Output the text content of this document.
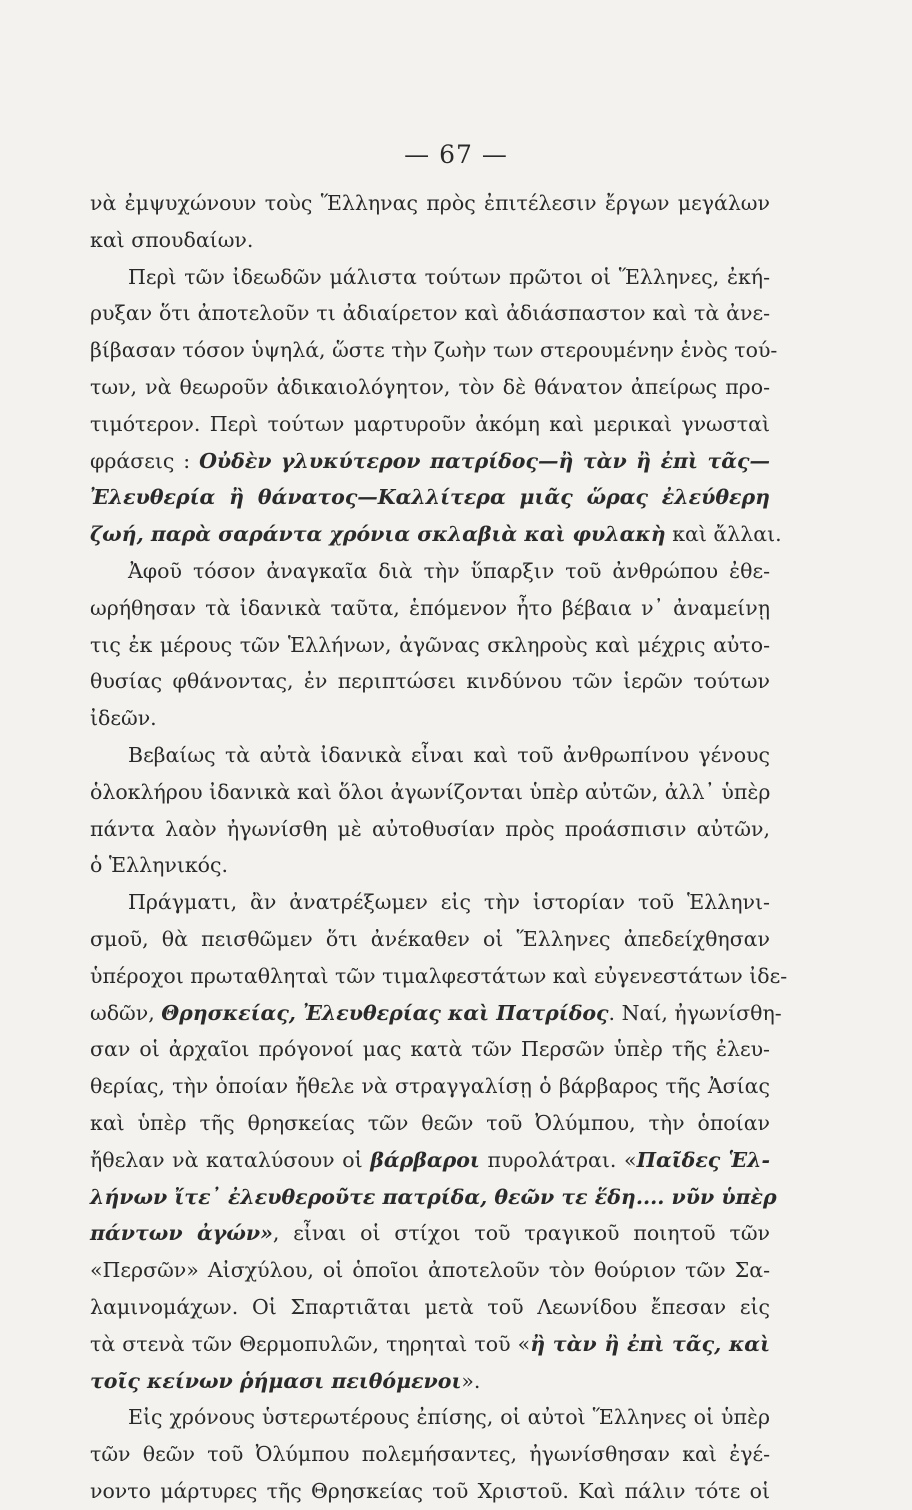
— 67 —
νὰ ἐμψυχώνουν τοὺς Ἕλληνας πρὸς ἐπιτέλεσιν ἔργων μεγάλων
καὶ σπουδαίων.
Περὶ τῶν ἰδεωδῶν μάλιστα τούτων πρῶτοι οἱ Ἕλληνες, ἐκή-
ρυξαν ὅτι ἀποτελοῦν τι ἀδιαίρετον καὶ ἀδιάσπαστον καὶ τὰ ἀνε-
βίβασαν τόσον ὑψηλά, ὥστε τὴν ζωὴν των στερουμένην ἑνὸς τού-
των, νὰ θεωροῦν ἀδικαιολόγητον, τὸν δὲ θάνατον ἀπείρως προ-
τιμότερον. Περὶ τούτων μαρτυροῦν ἀκόμη καὶ μερικαὶ γνωσταὶ
φράσεις : Οὐδὲν γλυκύτερον πατρίδος—ἢ τὰν ἢ ἐπὶ τᾶς—
Ἐλευθερία ἢ θάνατος—Καλλίτερα μιᾶς ὥρας ἐλεύθερη
ζωή, παρὰ σαράντα χρόνια σκλαβιὰ καὶ φυλακὴ καὶ ἄλλαι.
Ἀφοῦ τόσον ἀναγκαῖα διὰ τὴν ὕπαρξιν τοῦ ἀνθρώπου ἐθε-
ωρήθησαν τὰ ἰδανικὰ ταῦτα, ἑπόμενον ἦτο βέβαια ν᾽ ἀναμείνῃ
τις ἐκ μέρους τῶν Ἑλλήνων, ἀγῶνας σκληροὺς καὶ μέχρις αὐτο-
θυσίας φθάνοντας, ἐν περιπτώσει κινδύνου τῶν ἱερῶν τούτων
ἰδεῶν.
Βεβαίως τὰ αὐτὰ ἰδανικὰ εἶναι καὶ τοῦ ἀνθρωπίνου γένους
ὁλοκλήρου ἰδανικὰ καὶ ὅλοι ἀγωνίζονται ὑπὲρ αὐτῶν, ἀλλ᾽ ὑπὲρ
πάντα λαὸν ἠγωνίσθη μὲ αὐτοθυσίαν πρὸς προάσπισιν αὐτῶν,
ὁ Ἑλληνικός.
Πράγματι, ἂν ἀνατρέξωμεν εἰς τὴν ἱστορίαν τοῦ Ἑλληνι-
σμοῦ, θὰ πεισθῶμεν ὅτι ἀνέκαθεν οἱ Ἕλληνες ἀπεδείχθησαν
ὑπέροχοι πρωταθληταὶ τῶν τιμαλφεστάτων καὶ εὐγενεστάτων ἰδε-
ωδῶν, Θρησκείας, Ἐλευθερίας καὶ Πατρίδος. Ναί, ἠγωνίσθη-
σαν οἱ ἀρχαῖοι πρόγονοί μας κατὰ τῶν Περσῶν ὑπὲρ τῆς ἐλευ-
θερίας, τὴν ὁποίαν ἤθελε νὰ στραγγαλίσῃ ὁ βάρβαρος τῆς Ἀσίας
καὶ ὑπὲρ τῆς θρησκείας τῶν θεῶν τοῦ Ὀλύμπου, τὴν ὁποίαν
ἤθελαν νὰ καταλύσουν οἱ βάρβαροι πυρολάτραι. «Παῖδες Ἑλ-
λήνων ἴτε᾽ ἐλευθεροῦτε πατρίδα, θεῶν τε ἕδη.... νῦν ὑπὲρ
πάντων ἀγών», εἶναι οἱ στίχοι τοῦ τραγικοῦ ποιητοῦ τῶν
«Περσῶν» Αἰσχύλου, οἱ ὁποῖοι ἀποτελοῦν τὸν θούριον τῶν Σα-
λαμινομάχων. Οἱ Σπαρτιᾶται μετὰ τοῦ Λεωνίδου ἔπεσαν εἰς
τὰ στενὰ τῶν Θερμοπυλῶν, τηρηταὶ τοῦ «ἢ τὰν ἢ ἐπὶ τᾶς, καὶ
τοῖς κείνων ῥήμασι πειθόμενοι».
Εἰς χρόνους ὑστερωτέρους ἐπίσης, οἱ αὐτοὶ Ἕλληνες οἱ ὑπὲρ
τῶν θεῶν τοῦ Ὀλύμπου πολεμήσαντες, ἠγωνίσθησαν καὶ ἐγέ-
νοντο μάρτυρες τῆς Θρησκείας τοῦ Χριστοῦ. Καὶ πάλιν τότε οἱ
